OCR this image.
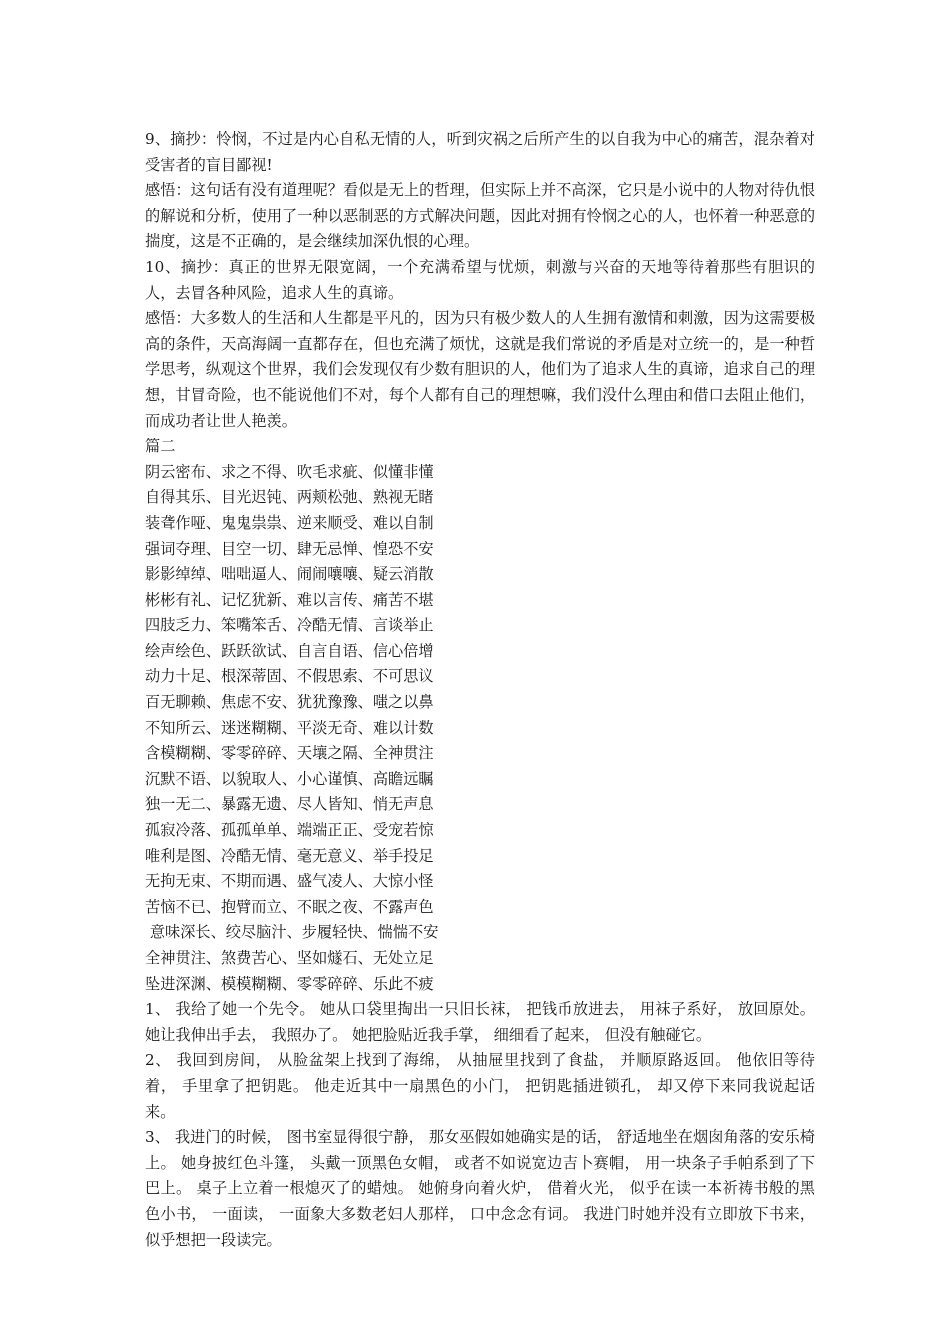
9、摘抄：怜悯，不过是内心自私无情的人，听到灾祸之后所产生的以自我为中心的痛苦，混杂着对受害者的盲目鄙视!

感悟：这句话有没有道理呢？看似是无上的哲理，但实际上并不高深，它只是小说中的人物对待仇恨的解说和分析，使用了一种以恶制恶的方式解决问题，因此对拥有怜悯之心的人，也怀着一种恶意的揣度，这是不正确的，是会继续加深仇恨的心理。

10、摘抄：真正的世界无限宽阔，一个充满希望与忧烦，刺激与兴奋的天地等待着那些有胆识的人，去冒各种风险，追求人生的真谛。

感悟：大多数人的生活和人生都是平凡的，因为只有极少数人的人生拥有激情和刺激，因为这需要极高的条件，天高海阔一直都存在，但也充满了烦忧，这就是我们常说的矛盾是对立统一的，是一种哲学思考，纵观这个世界，我们会发现仅有少数有胆识的人，他们为了追求人生的真谛，追求自己的理想，甘冒奇险，也不能说他们不对，每个人都有自己的理想嘛，我们没什么理由和借口去阻止他们，而成功者让世人艳羡。

篇二

阴云密布、求之不得、吹毛求疵、似懂非懂

自得其乐、目光迟钝、两颊松弛、熟视无睹

装聋作哑、鬼鬼祟祟、逆来顺受、难以自制

强词夺理、目空一切、肆无忌惮、惶恐不安

影影绰绰、咄咄逼人、闹闹嚷嚷、疑云消散

彬彬有礼、记忆犹新、难以言传、痛苦不堪

四肢乏力、笨嘴笨舌、冷酷无情、言谈举止

绘声绘色、跃跃欲试、自言自语、信心倍增

动力十足、根深蒂固、不假思索、不可思议

百无聊赖、焦虑不安、犹犹豫豫、嗤之以鼻

不知所云、迷迷糊糊、平淡无奇、难以计数

含模糊糊、零零碎碎、天壤之隔、全神贯注

沉默不语、以貌取人、小心谨慎、高瞻远瞩

独一无二、暴露无遗、尽人皆知、悄无声息

孤寂冷落、孤孤单单、端端正正、受宠若惊

唯利是图、冷酷无情、毫无意义、举手投足

无拘无束、不期而遇、盛气凌人、大惊小怪

苦恼不已、抱臂而立、不眠之夜、不露声色

意味深长、绞尽脑汁、步履轻快、惴惴不安

全神贯注、煞费苦心、坚如燧石、无处立足

坠进深渊、模模糊糊、零零碎碎、乐此不疲

1、 我给了她一个先令。 她从口袋里掏出一只旧长袜， 把钱币放进去， 用袜子系好， 放回原处。 她让我伸出手去， 我照办了。 她把脸贴近我手掌， 细细看了起来， 但没有触碰它。

2、 我回到房间， 从脸盆架上找到了海绵， 从抽屉里找到了食盐， 并顺原路返回。 他依旧等待着， 手里拿了把钥匙。 他走近其中一扇黑色的小门， 把钥匙插进锁孔， 却又停下来同我说起话来。

3、 我进门的时候， 图书室显得很宁静， 那女巫假如她确实是的话， 舒适地坐在烟囱角落的安乐椅上。 她身披红色斗篷， 头戴一顶黑色女帽， 或者不如说宽边吉卜赛帽， 用一块条子手帕系到了下巴上。 桌子上立着一根熄灭了的蜡烛。 她俯身向着火炉， 借着火光， 似乎在读一本祈祷书般的黑色小书， 一面读， 一面象大多数老妇人那样， 口中念念有词。 我进门时她并没有立即放下书来， 似乎想把一段读完。
